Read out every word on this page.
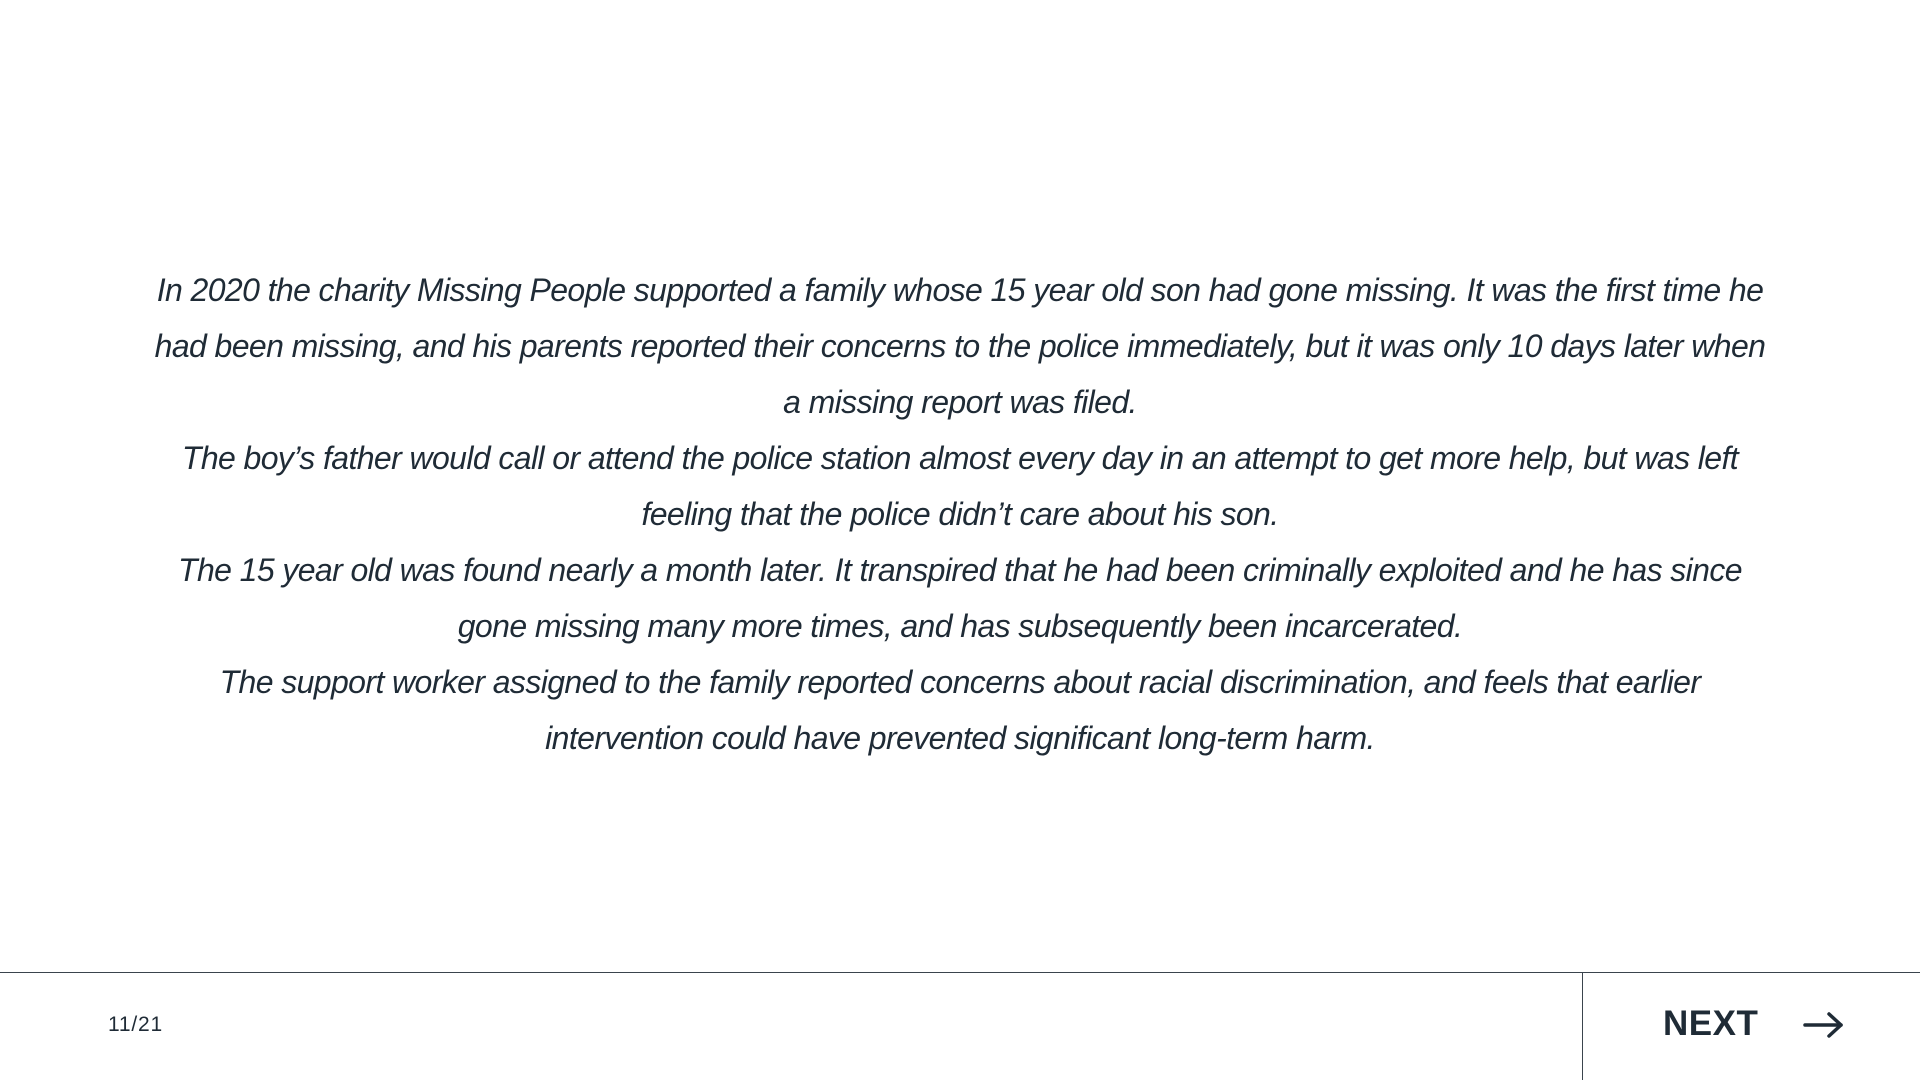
In 2020 the charity Missing People supported a family whose 15 year old son had gone missing. It was the first time he had been missing, and his parents reported their concerns to the police immediately, but it was only 10 days later when a missing report was filed.

The boy’s father would call or attend the police station almost every day in an attempt to get more help, but was left feeling that the police didn’t care about his son.

The 15 year old was found nearly a month later. It transpired that he had been criminally exploited and he has since gone missing many more times, and has subsequently been incarcerated.

The support worker assigned to the family reported concerns about racial discrimination, and feels that earlier intervention could have prevented significant long-term harm.

11/21	NEXT
